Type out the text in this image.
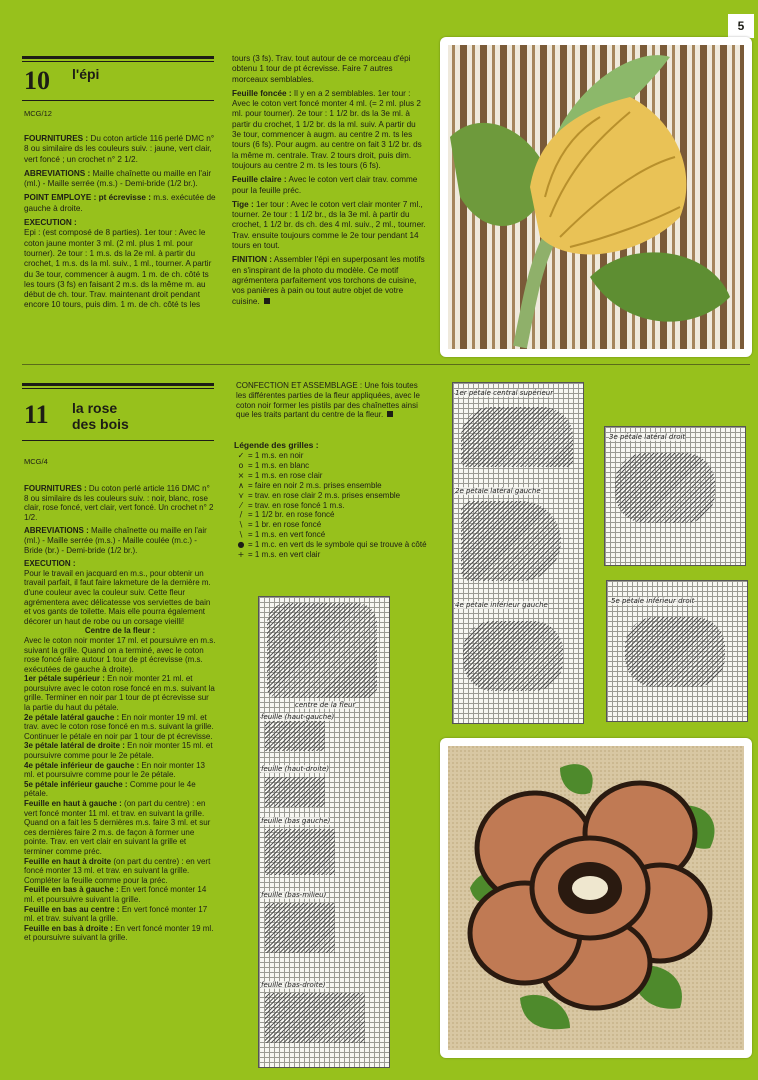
5
10 l'épi
MCG/12

FOURNITURES : Du coton article 116 perlé DMC n° 8 ou similaire ds les couleurs suiv. : jaune, vert clair, vert foncé ; un crochet n° 2 1/2.

ABREVIATIONS : Maille chaînette ou maille en l'air (ml.) - Maille serrée (m.s.) - Demi-bride (1/2 br.).

POINT EMPLOYE : pt écrevisse : m.s. exécutée de gauche à droite.

EXECUTION :

Epi : (est composé de 8 parties). 1er tour : Avec le coton jaune monter 3 ml. (2 ml. plus 1 ml. pour tourner). 2e tour : 1 m.s. ds la 2e ml. à partir du crochet, 1 m.s. ds la ml. suiv., 1 ml., tourner. A partir du 3e tour, commencer à augm. 1 m. de ch. côté ts les tours (3 fs) en faisant 2 m.s. ds la même m. au début de ch. tour. Trav. maintenant droit pendant encore 10 tours, puis dim. 1 m. de ch. côté ts les

tours (3 fs). Trav. tout autour de ce morceau d'épi obtenu 1 tour de pt écrevisse. Faire 7 autres morceaux semblables.

Feuille foncée : Il y en a 2 semblables. 1er tour : Avec le coton vert foncé monter 4 ml. (= 2 ml. plus 2 ml. pour tourner). 2e tour : 1 1/2 br. ds la 3e ml. à partir du crochet, 1 1/2 br. ds la ml. suiv. A partir du 3e tour, commencer à augm. au centre 2 m. ts les tours (6 fs). Pour augm. au centre on fait 3 1/2 br. ds la même m. centrale. Trav. 2 tours droit, puis dim. toujours au centre 2 m. ts les tours (6 fs).

Feuille claire : Avec le coton vert clair trav. comme pour la feuille préc.

Tige : 1er tour : Avec le coton vert clair monter 7 ml., tourner. 2e tour : 1 1/2 br., ds la 3e ml. à partir du crochet, 1 1/2 br. ds ch. des 4 ml. suiv., 2 ml., tourner. Trav. ensuite toujours comme le 2e tour pendant 14 tours en tout.

FINITION : Assembler l'épi en superposant les motifs en s'inspirant de la photo du modèle. Ce motif agrémentera parfaitement vos torchons de cuisine, vos panières à pain ou tout autre objet de votre cuisine.

11 la rose
des bois
MCG/4

FOURNITURES : Du coton perlé article 116 DMC n° 8 ou similaire ds les couleurs suiv. : noir, blanc, rose clair, rose foncé, vert clair, vert foncé. Un crochet n° 2 1/2.

ABREVIATIONS : Maille chaînette ou maille en l'air (ml.) - Maille serrée (m.s.) - Maille coulée (m.c.) - Bride (br.) - Demi-bride (1/2 br.).

EXECUTION :

Pour le travail en jacquard en m.s., pour obtenir un travail parfait, il faut faire lakmeture de la dernière m. d'une couleur avec la couleur suiv. Cette fleur agrémentera avec délicatesse vos serviettes de bain et vos gants de toilette. Mais elle pourra également décorer un haut de robe ou un corsage vieilli!

Centre de la fleur :

Avec le coton noir monter 17 ml. et poursuivre en m.s. suivant la grille. Quand on a terminé, avec le coton rose foncé faire autour 1 tour de pt écrevisse (m.s. exécutées de gauche à droite).

1er pétale supérieur : En noir monter 21 ml. et poursuivre avec le coton rose foncé en m.s. suivant la grille. Terminer en noir par 1 tour de pt écrevisse sur la partie du haut du pétale.

2e pétale latéral gauche : En noir monter 19 ml. et trav. avec le coton rose foncé en m.s. suivant la grille. Continuer le pétale en noir par 1 tour de pt écrevisse.

3e pétale latéral de droite : En noir monter 15 ml. et poursuivre comme pour le 2e pétale.

4e pétale inférieur de gauche : En noir monter 13 ml. et poursuivre comme pour le 2e pétale.

5e pétale inférieur gauche : Comme pour le 4e pétale.

Feuille en haut à gauche : (on part du centre) : en vert foncé monter 11 ml. et trav. en suivant la grille. Quand on a fait les 5 dernières m.s. faire 3 ml. et sur ces dernières faire 2 m.s. de façon à former une pointe. Trav. en vert clair en suivant la grille et terminer comme préc.

Feuille en haut à droite (on part du centre) : en vert foncé monter 13 ml. et trav. en suivant la grille. Compléter la feuille comme pour la préc.

Feuille en bas à gauche : En vert foncé monter 14 ml. et poursuivre suivant la grille.

Feuille en bas au centre : En vert foncé monter 17 ml. et trav. suivant la grille.

Feuille en bas à droite : En vert foncé monter 19 ml. et poursuivre suivant la grille.

CONFECTION ET ASSEMBLAGE : Une fois toutes les différentes parties de la fleur appliquées, avec le coton noir former les pistils par des chaînettes ainsi que les traits partant du centre de la fleur.
Légende des grilles :
✓ = 1 m.s. en noir
o = 1 m.s. en blanc
× = 1 m.s. en rose clair
∧ = faire en noir 2 m.s. prises ensemble
⋎ = trav. en rose clair 2 m.s. prises ensemble
⁄ = trav. en rose foncé 1 m.s.
/ = 1 1/2 br. en rose foncé
\ = 1 br. en rose foncé
\ = 1 m.s. en vert foncé
● = 1 m.c. en vert ds le symbole qui se trouve à côté
+ = 1 m.s. en vert clair
centre de la fleur
feuille (haut-gauche)
feuille (haut-droite)
feuille (bas gauche)
feuille (bas-milieu)
feuille (bas-droite)
1er pétale central supérieur
2e pétale latéral gauche
4e pétale inférieur gauche
3e pétale latéral droit
5e pétale inférieur droit
